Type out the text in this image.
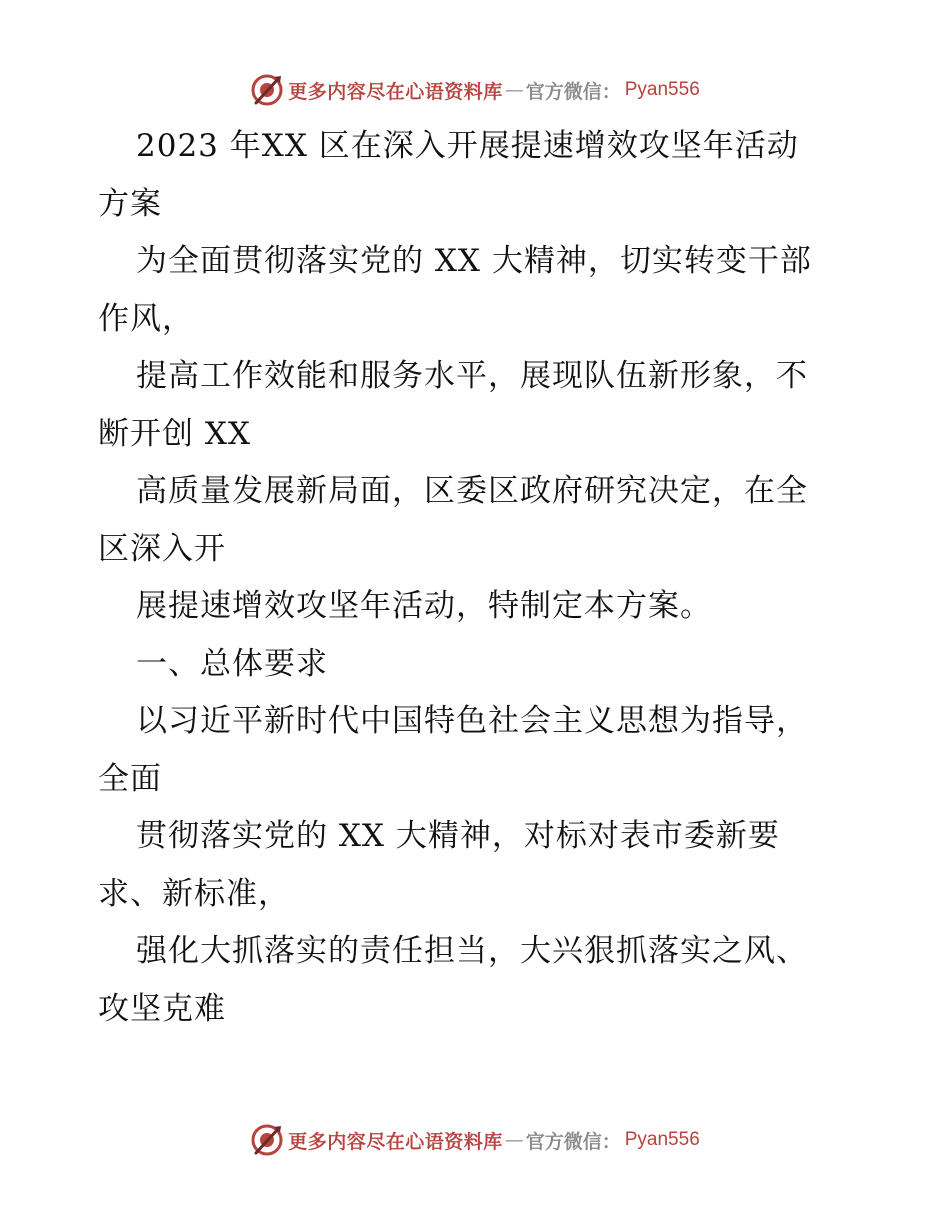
更多内容尽在心语资料库 — 官方微信： Pyan556
2023 年XX 区在深入开展提速增效攻坚年活动
方案
为全面贯彻落实党的 XX 大精神，切实转变干部
作风，
提高工作效能和服务水平，展现队伍新形象，不
断开创 XX
高质量发展新局面，区委区政府研究决定，在全
区深入开
展提速增效攻坚年活动，特制定本方案。
一、总体要求
以习近平新时代中国特色社会主义思想为指导，
全面
贯彻落实党的 XX 大精神，对标对表市委新要
求、新标准，
强化大抓落实的责任担当，大兴狠抓落实之风、
攻坚克难
更多内容尽在心语资料库 — 官方微信： Pyan556
